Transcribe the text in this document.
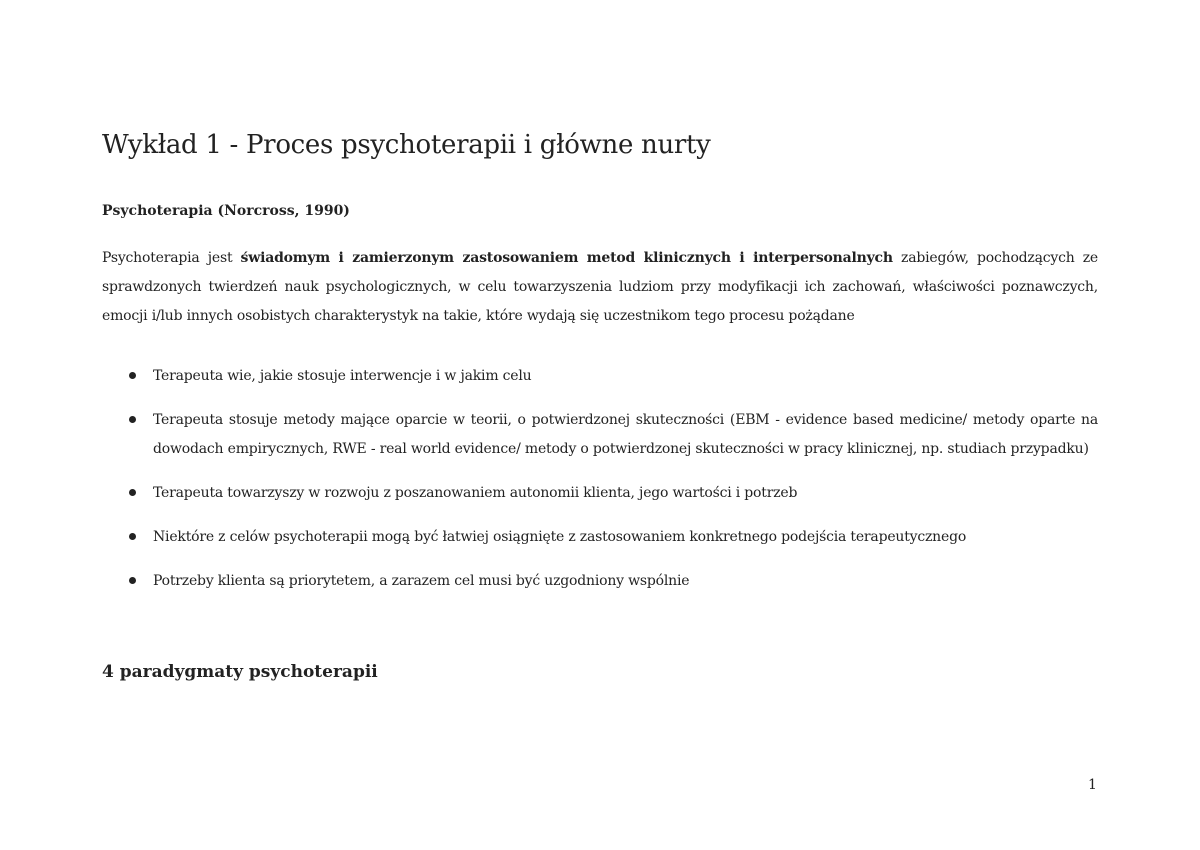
Wykład 1 - Proces psychoterapii i główne nurty
Psychoterapia (Norcross, 1990)

Psychoterapia jest świadomym i zamierzonym zastosowaniem metod klinicznych i interpersonalnych zabiegów, pochodzących ze sprawdzonych twierdzeń nauk psychologicznych, w celu towarzyszenia ludziom przy modyfikacji ich zachowań, właściwości poznawczych, emocji i/lub innych osobistych charakterystyk na takie, które wydają się uczestnikom tego procesu pożądane

Terapeuta wie, jakie stosuje interwencje i w jakim celu
Terapeuta stosuje metody mające oparcie w teorii, o potwierdzonej skuteczności (EBM - evidence based medicine/ metody oparte na dowodach empirycznych, RWE - real world evidence/ metody o potwierdzonej skuteczności w pracy klinicznej, np. studiach przypadku)
Terapeuta towarzyszy w rozwoju z poszanowaniem autonomii klienta, jego wartości i potrzeb
Niektóre z celów psychoterapii mogą być łatwiej osiągnięte z zastosowaniem konkretnego podejścia terapeutycznego
Potrzeby klienta są priorytetem, a zarazem cel musi być uzgodniony wspólnie
4 paradygmaty psychoterapii
1
